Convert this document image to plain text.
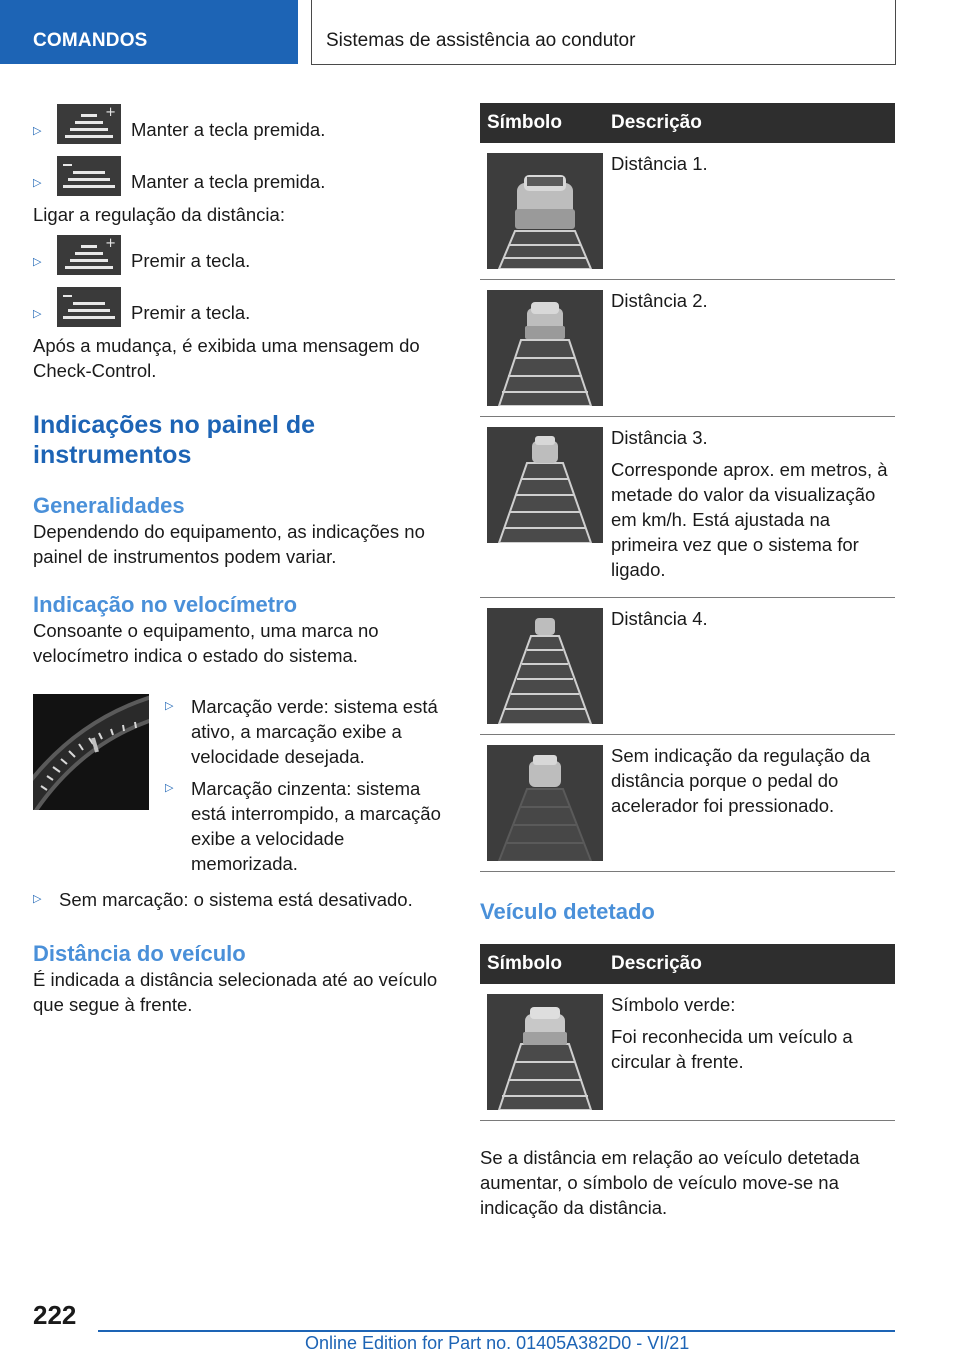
COMANDOS	Sistemas de assistência ao condutor
▷
+
Manter a tecla premida.
▷	Manter a tecla premida.

Ligar a regulação da distância:

▷
+
Premir a tecla.
▷	Premir a tecla.

Após a mudança, é exibida uma mensagem do Check-Control.

Indicações no painel de instrumentos
Generalidades

Dependendo do equipamento, as indicações no painel de instrumentos podem variar.

Indicação no velocímetro

Consoante o equipamento, uma marca no velocímetro indica o estado do sistema.

▷ Marcação verde: sistema está ativo, a marcação exibe a velocidade desejada.
▷ Marcação cinzenta: sistema está interrompido, a marcação exibe a velocidade memorizada.
▷ Sem marcação: o sistema está desativado.
Distância do veículo

É indicada a distância selecionada até ao veículo que segue à frente.

Símbolo	Descrição

Distância 1.

Distância 2.

Distância 3.
Corresponde aprox. em metros, à metade do valor da visualização em km/h. Está ajustada na primeira vez que o sistema for ligado.

Distância 4.

Sem indicação da regulação da distância porque o pedal do acelerador foi pressionado.
Veículo detetado
Símbolo	Descrição

Símbolo verde:
Foi reconhecida um veículo a circular à frente.

Se a distância em relação ao veículo detetada aumentar, o símbolo de veículo move-se na indicação da distância.

222
Online Edition for Part no. 01405A382D0 - VI/21
